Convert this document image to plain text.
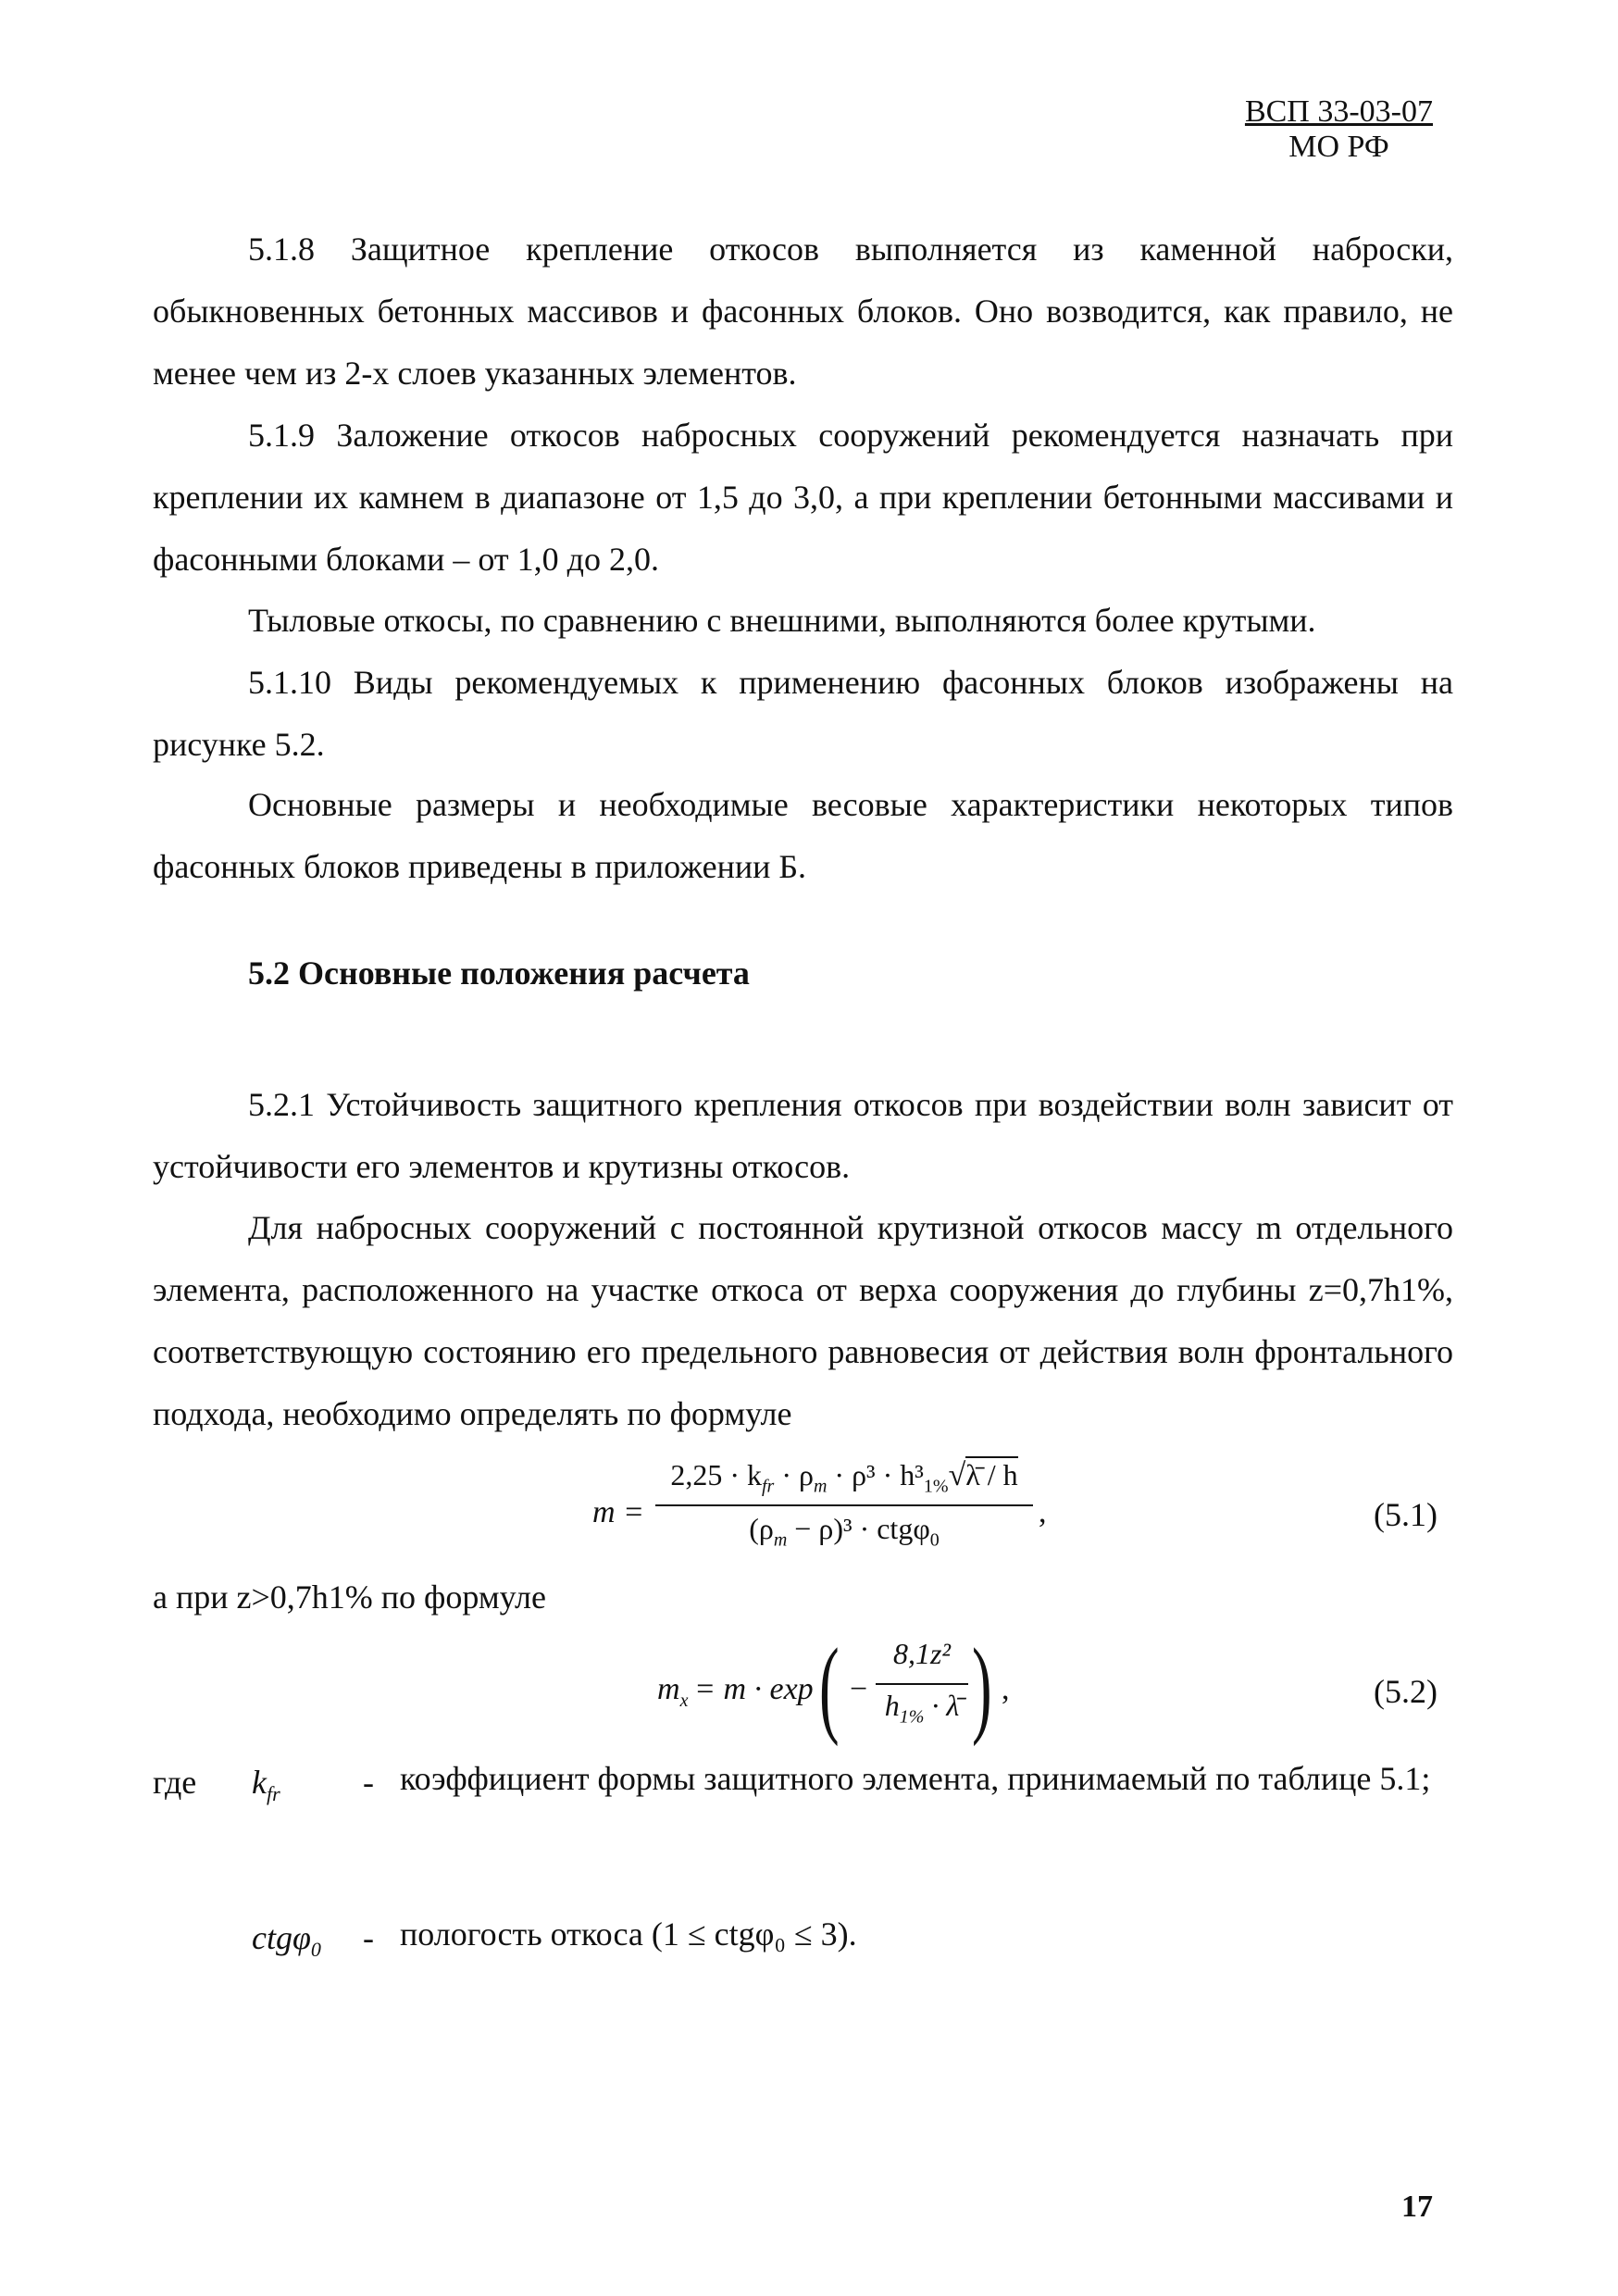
ВСП 33-03-07
МО РФ

5.1.8 Защитное крепление откосов выполняется из каменной наброски, обыкновенных бетонных массивов и фасонных блоков. Оно возводится, как правило, не менее чем из 2-х слоев указанных элементов.

5.1.9 Заложение откосов набросных сооружений рекомендуется назначать при креплении их камнем в диапазоне от 1,5 до 3,0, а при креплении бетонными массивами и фасонными блоками – от 1,0 до 2,0.

Тыловые откосы, по сравнению с внешними, выполняются более крутыми.

5.1.10 Виды рекомендуемых к применению фасонных блоков изображены на рисунке 5.2.

Основные размеры и необходимые весовые характеристики некоторых типов фасонных блоков приведены в приложении Б.

5.2 Основные положения расчета

5.2.1 Устойчивость защитного крепления откосов при воздействии волн зависит от устойчивости его элементов и крутизны откосов.

Для набросных сооружений с постоянной крутизной откосов массу m отдельного элемента, расположенного на участке откоса от верха сооружения до глубины z=0,7h1%, соответствующую состоянию его предельного равновесия от действия волн фронтального подхода, необходимо определять по формуле

m =
$2,25 \cdot k_{fr} \cdot \rho_m \cdot \rho^3$ · $h^3_{1\%}√\lambdā$ / h
$(\rho_m - \rho)^3 \cdot ctg\varphi_0$
,	(5.1)

а при z>0,7h1% по формуле

$m_x = m \cdot \exp$ ( −
8,1z²
$h_{1\%}$ · λ̄ ) ,	(5.2)
где $k_{fr}$ - коэффициент формы защитного элемента, принимаемый по таблице 5.1;
ctgφ$_0$ - пологость откоса (1 ≤ ctgφ₀ ≤ 3).
17
